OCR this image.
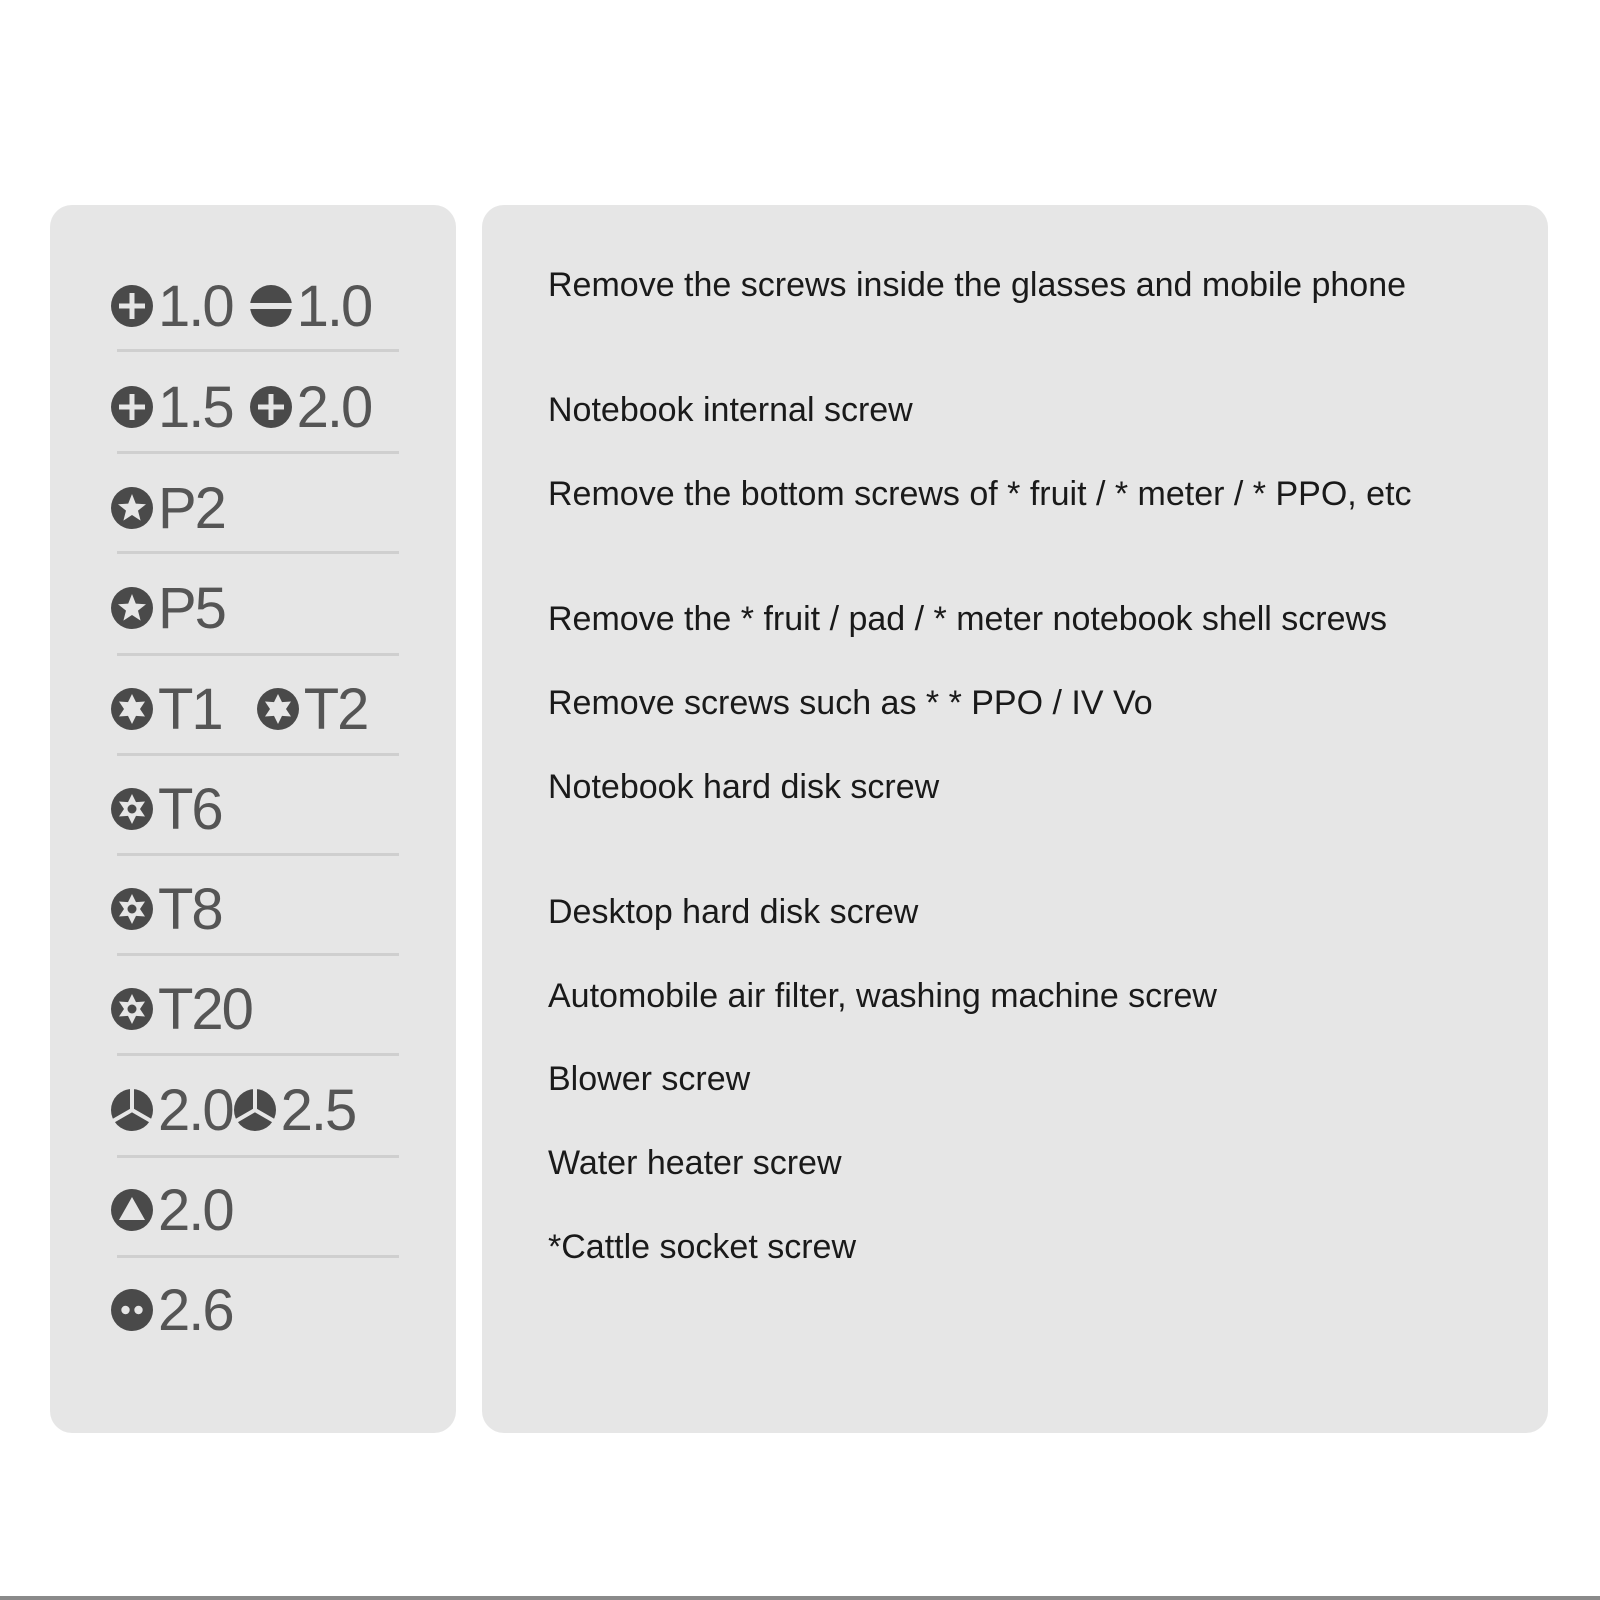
1.0 1.0
1.5 2.0
P2
P5
T1 T2
T6
T8
T20
2.0 2.5
2.0
2.6
Remove the screws inside the glasses and mobile phone
Notebook internal screw
Remove the bottom screws of * fruit / * meter / * PPO, etc
Remove the * fruit / pad / * meter notebook shell screws
Remove screws such as * * PPO / IV Vo
Notebook hard disk screw
Desktop hard disk screw
Automobile air filter, washing machine screw
Blower screw
Water heater screw
*Cattle socket screw
